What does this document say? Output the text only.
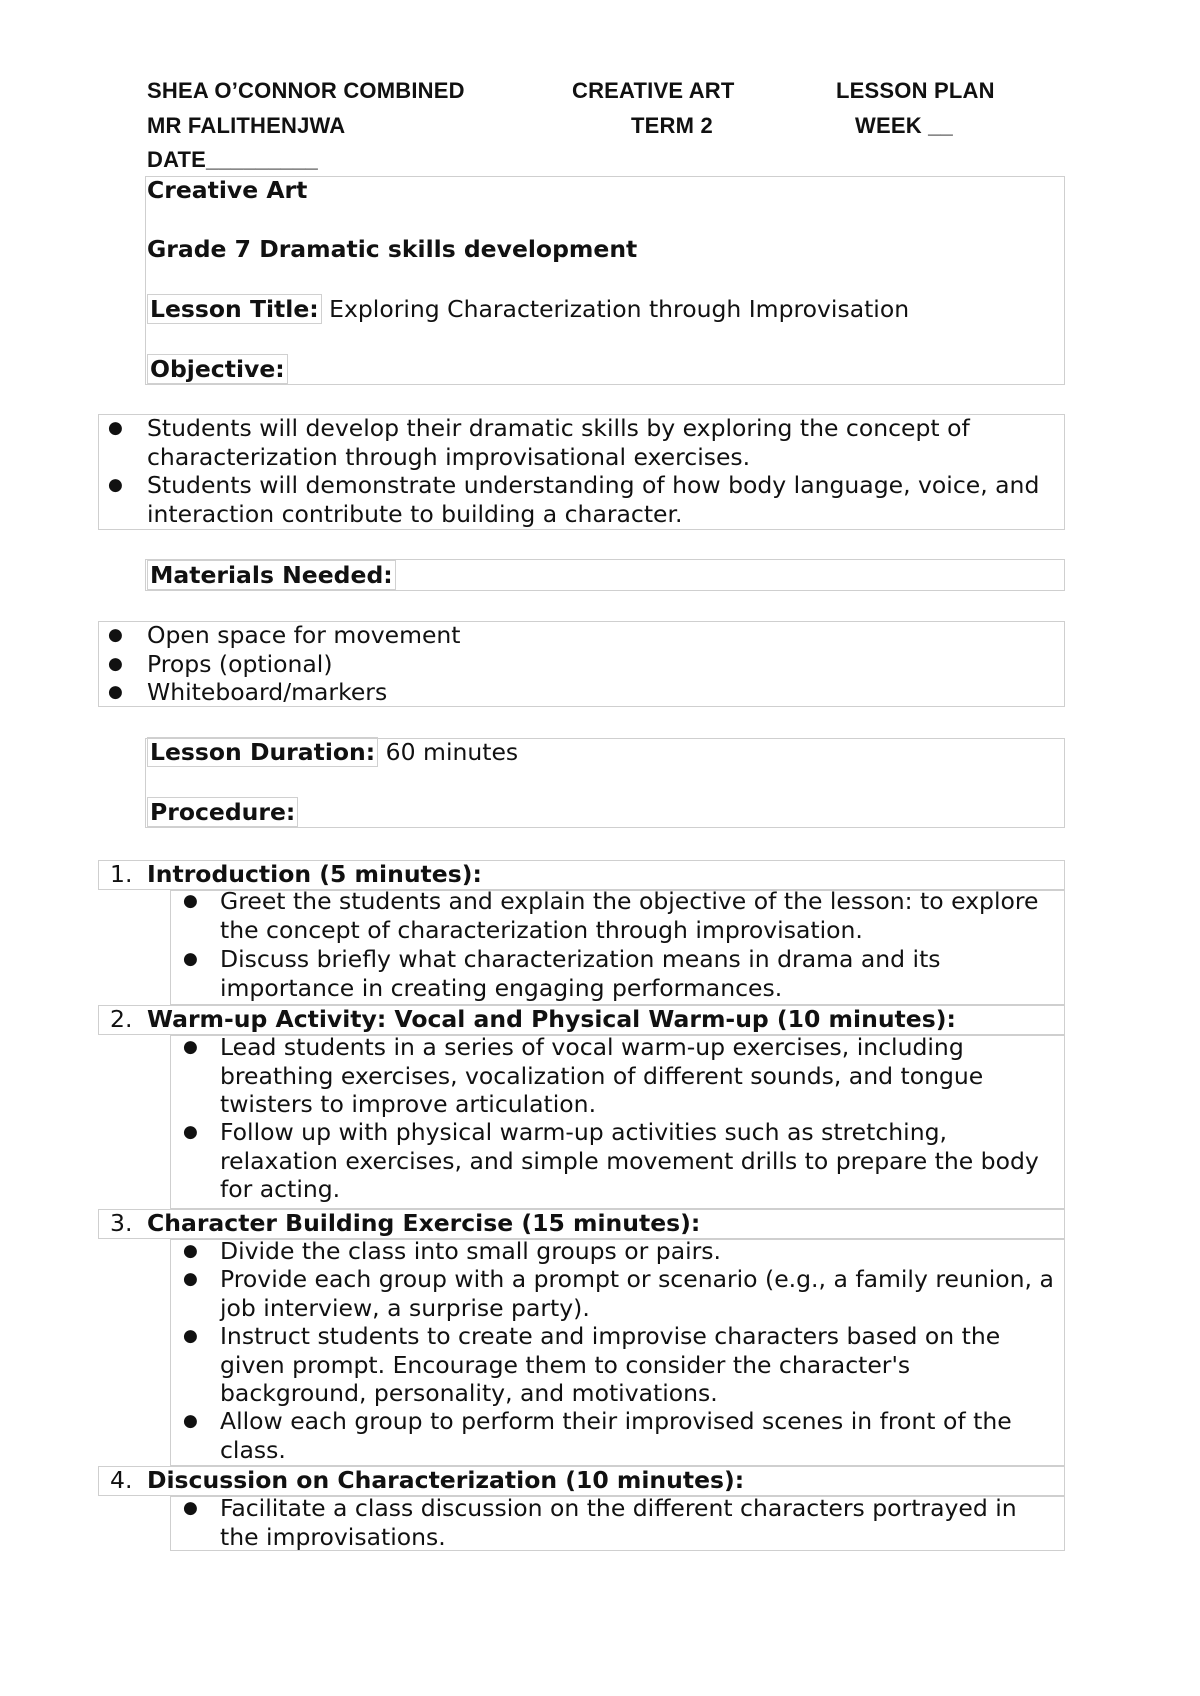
SHEA O’CONNOR COMBINED	CREATIVE ART	LESSON PLAN
MR FALITHENJWA	TERM 2	WEEK __
DATE_________
Creative Art
Grade 7 Dramatic skills development
Lesson Title: Exploring Characterization through Improvisation
Objective:
Materials Needed:
Lesson Duration: 60 minutes
Procedure:
● Students will develop their dramatic skills by exploring the concept of characterization through improvisational exercises.
● Students will demonstrate understanding of how body language, voice, and interaction contribute to building a character.
● Open space for movement
● Props (optional)
● Whiteboard/markers
1. Introduction (5 minutes):
● Greet the students and explain the objective of the lesson: to explore the concept of characterization through improvisation.
● Discuss briefly what characterization means in drama and its importance in creating engaging performances.
2. Warm-up Activity: Vocal and Physical Warm-up (10 minutes):
● Lead students in a series of vocal warm-up exercises, including breathing exercises, vocalization of different sounds, and tongue twisters to improve articulation.
● Follow up with physical warm-up activities such as stretching, relaxation exercises, and simple movement drills to prepare the body for acting.
3. Character Building Exercise (15 minutes):
● Divide the class into small groups or pairs.
● Provide each group with a prompt or scenario (e.g., a family reunion, a job interview, a surprise party).
● Instruct students to create and improvise characters based on the given prompt. Encourage them to consider the character's background, personality, and motivations.
● Allow each group to perform their improvised scenes in front of the class.
4. Discussion on Characterization (10 minutes):
● Facilitate a class discussion on the different characters portrayed in the improvisations.
